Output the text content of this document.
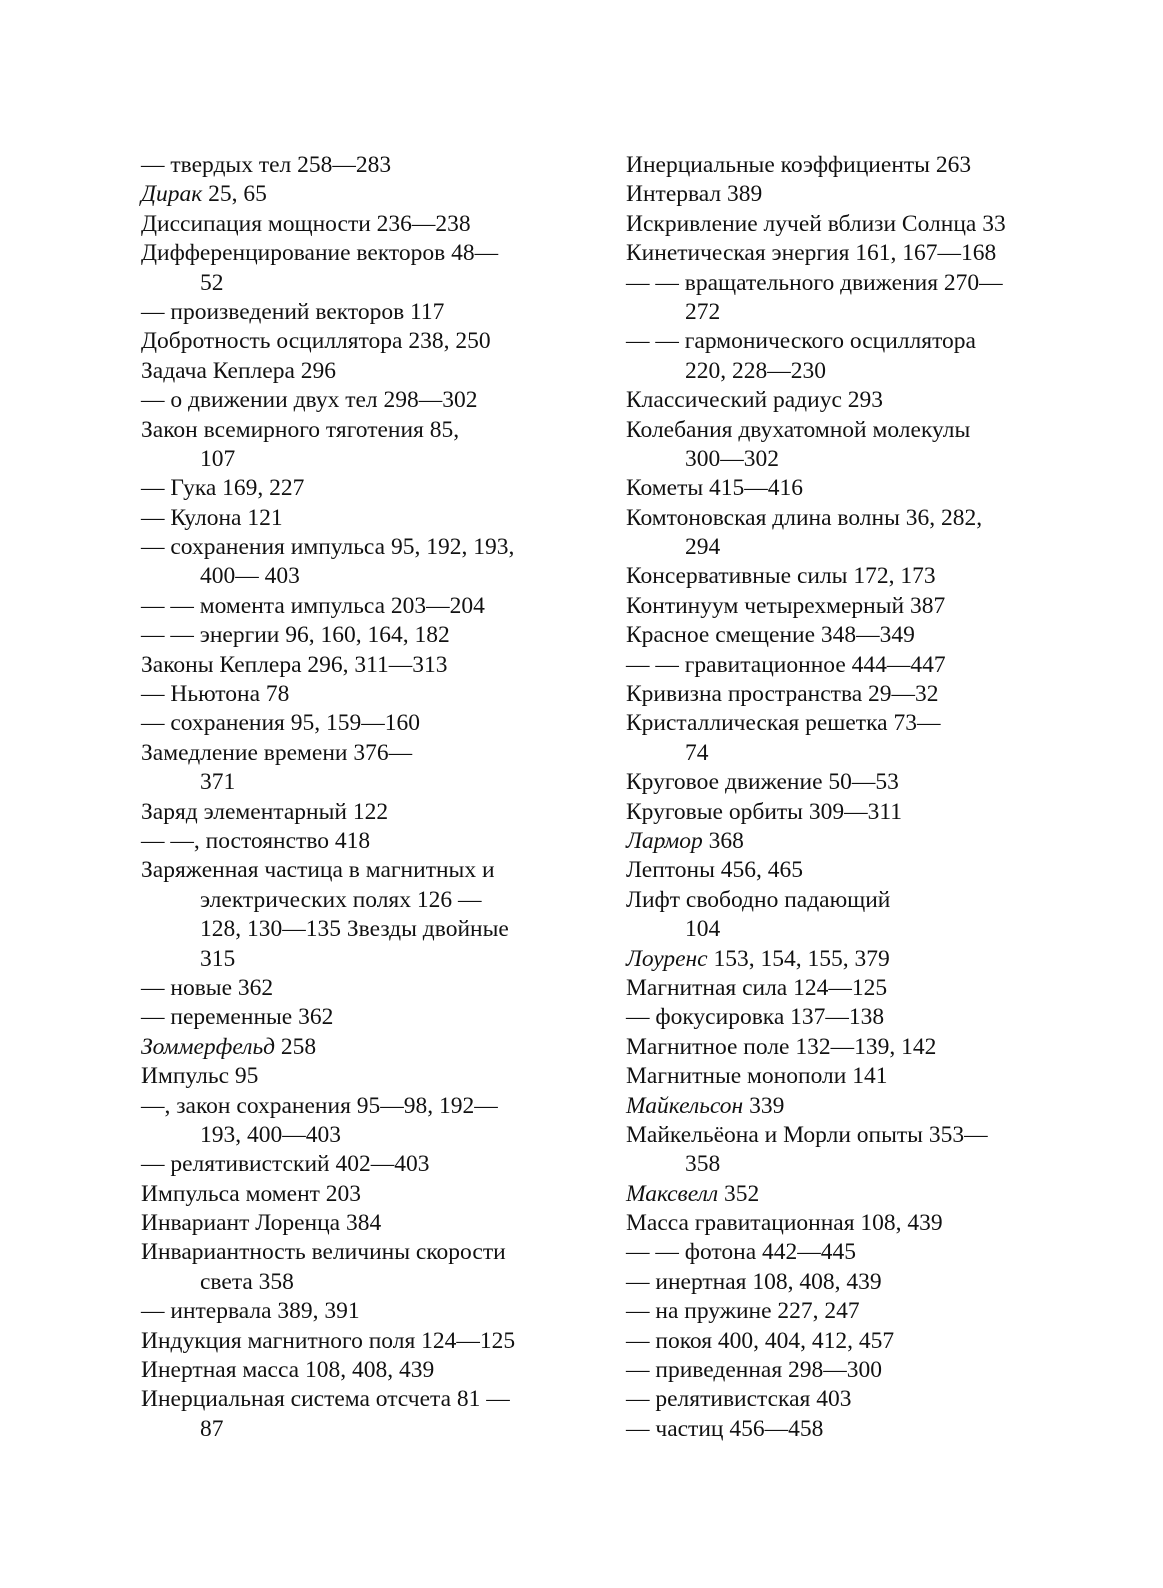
— твердых тел 258—283
Дирак 25, 65
Диссипация мощности 236—238
Дифференцирование векторов 48—
52
— произведений векторов 117
Добротность осциллятора 238, 250
Задача Кеплера 296
— о движении двух тел 298—302
Закон всемирного тяготения 85,
107
— Гука 169, 227
— Кулона 121
— сохранения импульса 95, 192, 193,
400— 403
— — момента импульса 203—204
— — энергии 96, 160, 164, 182
Законы Кеплера 296, 311—313
— Ньютона 78
— сохранения 95, 159—160
Замедление времени 376—
371
Заряд элементарный 122
— —, постоянство 418
Заряженная частица в магнитных и
электрических полях 126 —
128, 130—135 Звезды двойные
315
— новые 362
— переменные 362
Зоммерфельд 258
Импульс 95
—, закон сохранения 95—98, 192—
193, 400—403
— релятивистский 402—403
Импульса момент 203
Инвариант Лоренца 384
Инвариантность величины скорости
света 358
— интервала 389, 391
Индукция магнитного поля 124—125
Инертная масса 108, 408, 439
Инерциальная система отсчета 81 —
87
Инерциальные коэффициенты 263
Интервал 389
Искривление лучей вблизи Солнца 33
Кинетическая энергия 161, 167—168
— — вращательного движения 270—
272
— — гармонического осциллятора
220, 228—230
Классический радиус 293
Колебания двухатомной молекулы
300—302
Кометы 415—416
Комтоновская длина волны 36, 282,
294
Консервативные силы 172, 173
Континуум четырехмерный 387
Красное смещение 348—349
— — гравитационное 444—447
Кривизна пространства 29—32
Кристаллическая решетка 73—
74
Круговое движение 50—53
Круговые орбиты 309—311
Лармор 368
Лептоны 456, 465
Лифт свободно падающий
104
Лоуренс 153, 154, 155, 379
Магнитная сила 124—125
— фокусировка 137—138
Магнитное поле 132—139, 142
Магнитные монополи 141
Майкельсон 339
Майкельёона и Морли опыты 353—
358
Максвелл 352
Масса гравитационная 108, 439
— — фотона 442—445
— инертная 108, 408, 439
— на пружине 227, 247
— покоя 400, 404, 412, 457
— приведенная 298—300
— релятивистская 403
— частиц 456—458
